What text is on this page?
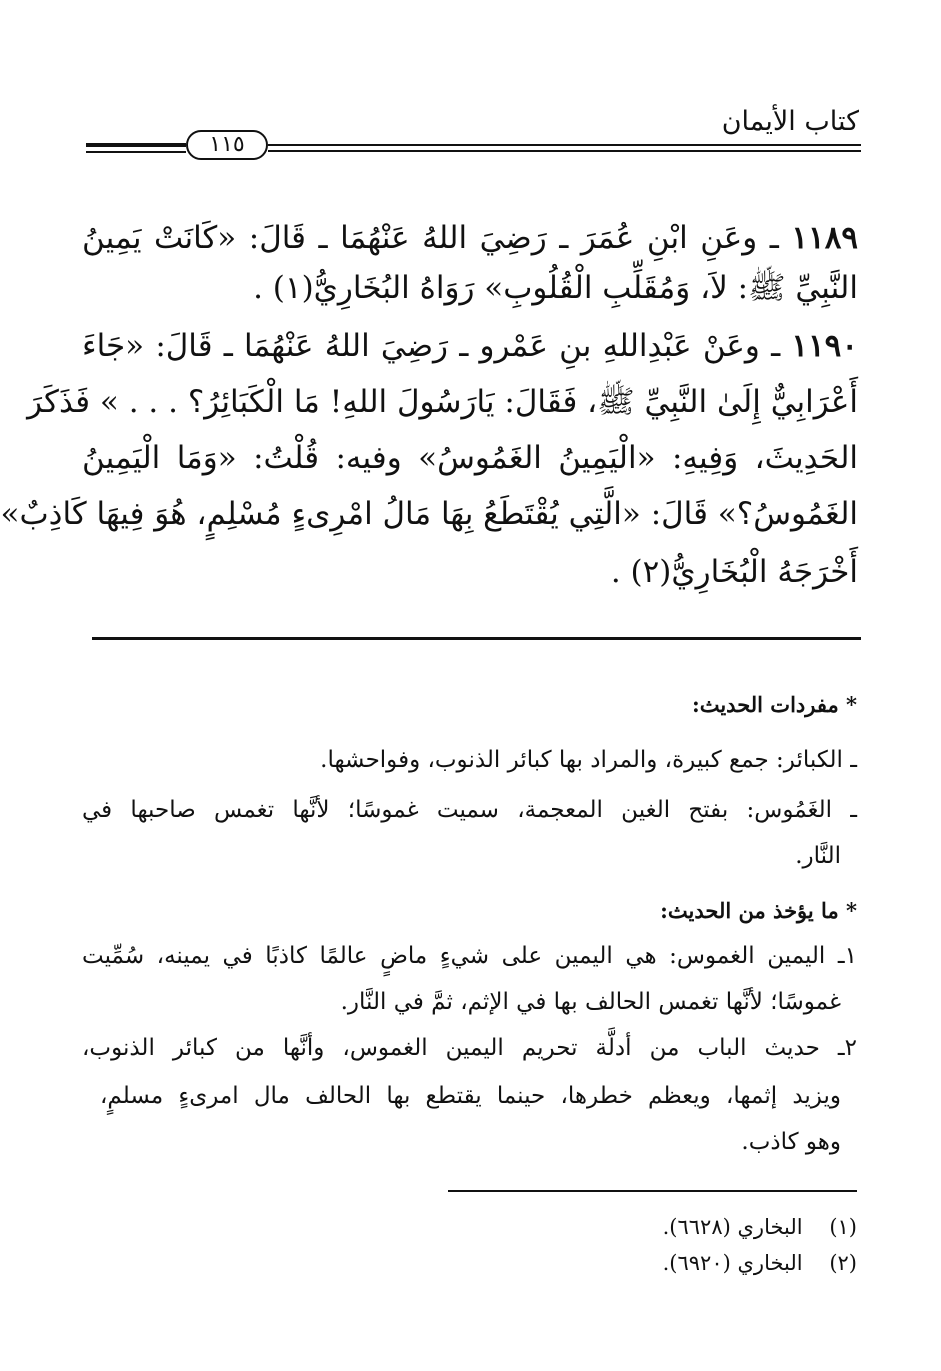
كتاب الأيمان
١١٥
١١٨٩ ـ وعَنِ ابْنِ عُمَرَ ـ رَضِيَ اللهُ عَنْهُمَا ـ قَالَ: «كَانَتْ يَمِينُ
النَّبِيِّ ﷺ: لاَ، وَمُقَلِّبِ الْقُلُوبِ» رَوَاهُ البُخَارِيُّ(١) .
١١٩٠ ـ وعَنْ عَبْدِاللهِ بنِ عَمْرو ـ رَضِيَ اللهُ عَنْهُمَا ـ قَالَ: «جَاءَ
أَعْرَابِيٌّ إِلَىٰ النَّبِيِّ ﷺ، فَقَالَ: يَارَسُولَ اللهِ! مَا الْكَبَائِرُ؟ . . . » فَذَكَرَ
الحَدِيثَ، وَفِيهِ: «الْيَمِينُ الغَمُوسُ» وفيه: قُلْتُ: «وَمَا الْيَمِينُ
الغَمُوسُ؟» قَالَ: «الَّتِي يُقْتَطَعُ بِهَا مَالُ امْرِىءٍ مُسْلِمٍ، هُوَ فِيهَا كَاذِبٌ»
أَخْرَجَهُ الْبُخَارِيُّ(٢) .
* مفردات الحديث:
ـ الكبائر: جمع كبيرة، والمراد بها كبائر الذنوب، وفواحشها.
ـ الغَمُوس: بفتح الغين المعجمة، سميت غموسًا؛ لأنَّها تغمس صاحبها في
النَّار.
* ما يؤخذ من الحديث:
١ـ اليمين الغموس: هي اليمين على شيءٍ ماضٍ عالمًا كاذبًا في يمينه، سُمِّيت
غموسًا؛ لأنَّها تغمس الحالف بها في الإثم، ثمَّ في النَّار.
٢ـ حديث الباب من أدلَّة تحريم اليمين الغموس، وأنَّها من كبائر الذنوب،
ويزيد إثمها، ويعظم خطرها، حينما يقتطع بها الحالف مال امرىءٍ مسلمٍ،
وهو كاذب.
(١)    البخاري (٦٦٢٨).
(٢)    البخاري (٦٩٢٠).
